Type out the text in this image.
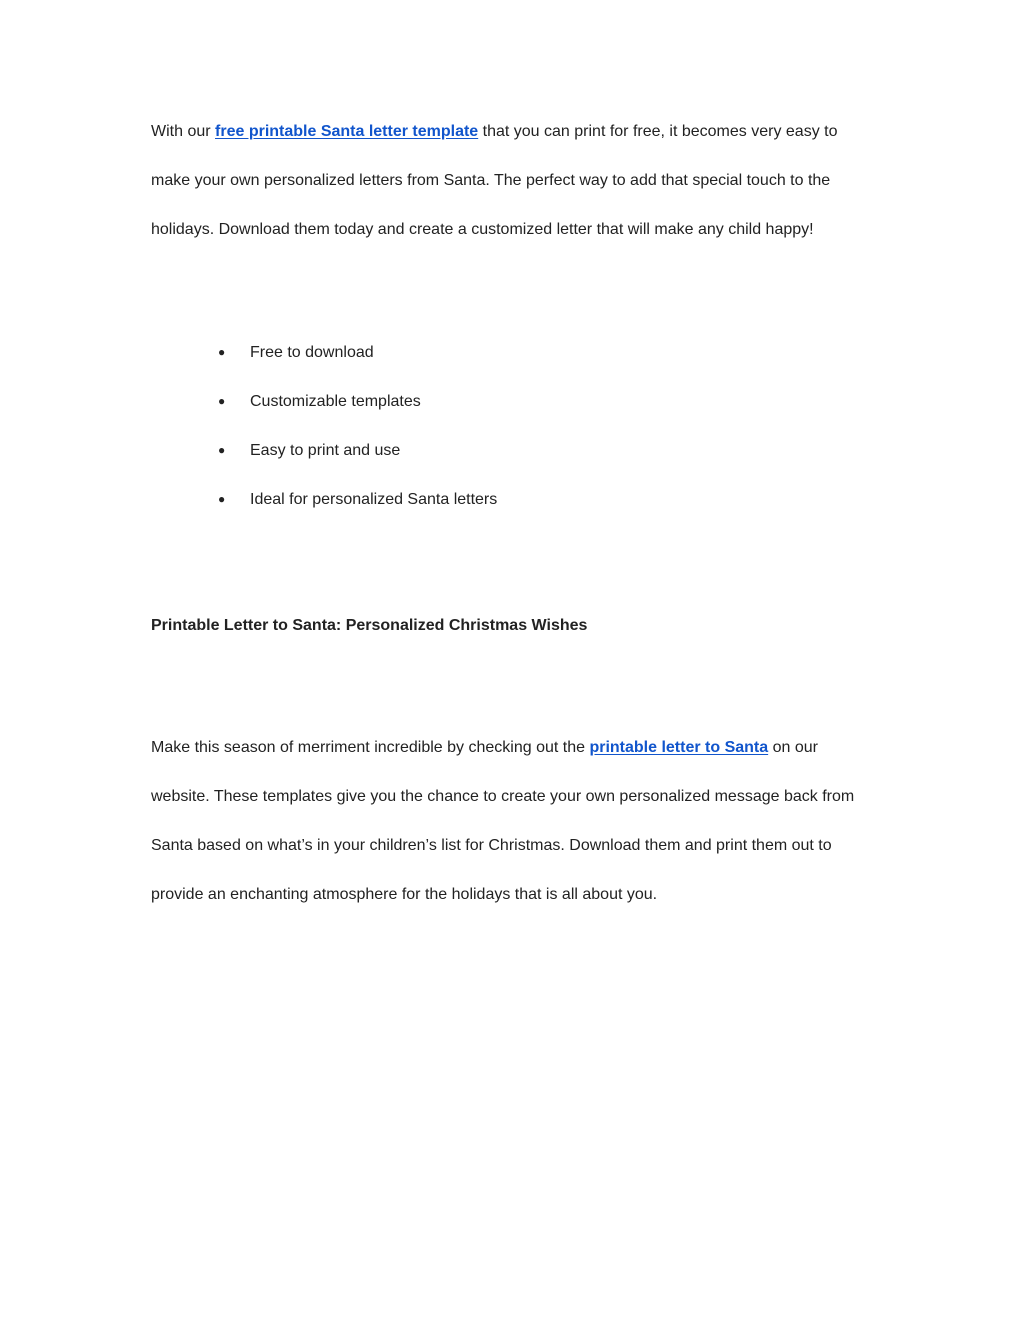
With our free printable Santa letter template that you can print for free, it becomes very easy to make your own personalized letters from Santa. The perfect way to add that special touch to the holidays. Download them today and create a customized letter that will make any child happy!

●	Free to download
●	Customizable templates
●	Easy to print and use
●	Ideal for personalized Santa letters
Printable Letter to Santa: Personalized Christmas Wishes

Make this season of merriment incredible by checking out the printable letter to Santa on our website. These templates give you the chance to create your own personalized message back from Santa based on what’s in your children’s list for Christmas. Download them and print them out to provide an enchanting atmosphere for the holidays that is all about you.
